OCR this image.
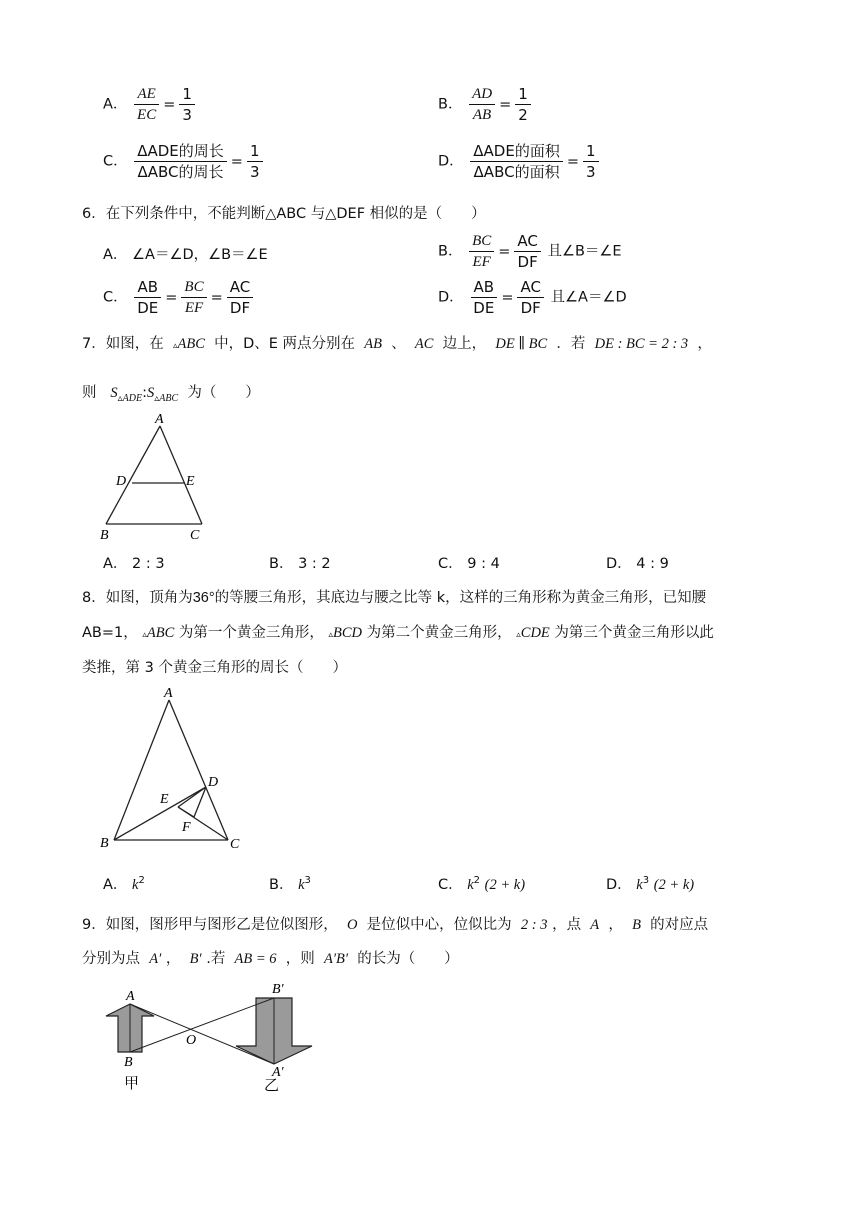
A． $\frac{AE}{EC} = \frac{1}{3}$	B． $\frac{AD}{AB} = \frac{1}{2}$
C． $\frac{\text{ΔADE的周长}}{\text{ΔABC的周长}} = \frac{1}{3}$	D． $\frac{\text{ΔADE的面积}}{\text{ΔABC的面积}} = \frac{1}{3}$
6．在下列条件中，不能判断△ABC 与△DEF 相似的是（　　）
A． ∠A＝∠D，∠B＝∠E	B． $\frac{BC}{EF} = \frac{AC}{DF}$ 且∠B＝∠E
C． $\frac{AB}{DE} = \frac{BC}{EF} = \frac{AC}{DF}$	D． $\frac{AB}{DE} = \frac{AC}{DF}$ 且∠A＝∠D
7．如图，在 ▵ABC 中，D、E 两点分别在 AB 、 AC 边上， DE ∥ BC ．若 DE : BC = 2 : 3 ，
则 $S_{▵ADE}:S_{▵ABC}$ 为（　　）
A
D	E
B	C
A． 2 : 3	B． 3 : 2	C． 9 : 4	D． 4 : 9
8．如图，顶角为36°的等腰三角形，其底边与腰之比等 k，这样的三角形称为黄金三角形，已知腰
AB=1， ▵ABC 为第一个黄金三角形， ▵BCD 为第二个黄金三角形， ▵CDE 为第三个黄金三角形以此
类推，第 3 个黄金三角形的周长（　　）
A
D
E
F
B	C
A． $k^2$	B． $k^3$	C． $k^2$ (2 + k)	D． $k^3$ (2 + k)
9．如图，图形甲与图形乙是位似图形， O 是位似中心，位似比为 2 : 3 ，点 A ， B 的对应点
分别为点 A′ ， B′ .若 AB = 6 ，则 A′B′ 的长为（　　）
A
B
O
B′
A′
甲	乙
